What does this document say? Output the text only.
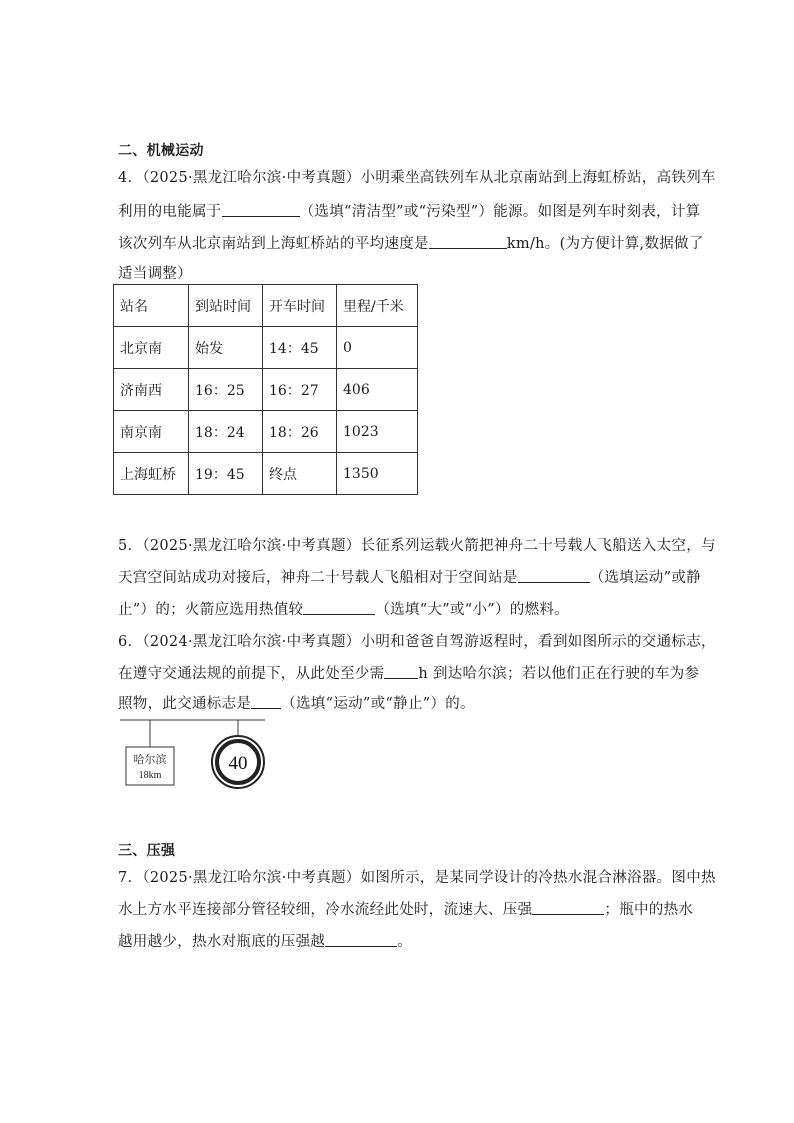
二、机械运动
4．（2025·黑龙江哈尔滨·中考真题）小明乘坐高铁列车从北京南站到上海虹桥站，高铁列车
利用的电能属于	（选填“清洁型”或“污染型”）能源。如图是列车时刻表，计算
该次列车从北京南站到上海虹桥站的平均速度是	km/h。(为方便计算,数据做了
适当调整）
站名	到站时间	开车时间	里程/千米
北京南	始发	14：45	0
济南西	16：25	16：27	406
南京南	18：24	18：26	1023
上海虹桥	19：45	终点	1350
5．（2025·黑龙江哈尔滨·中考真题）长征系列运载火箭把神舟二十号载人飞船送入太空，与
天宫空间站成功对接后，神舟二十号载人飞船相对于空间站是	（选填运动”或静
止”）的；火箭应选用热值较	（选填“大”或“小”）的燃料。
6．（2024·黑龙江哈尔滨·中考真题）小明和爸爸自驾游返程时，看到如图所示的交通标志，
在遵守交通法规的前提下，从此处至少需 h 到达哈尔滨；若以他们正在行驶的车为参
照物，此交通标志是 （选填“运动”或“静止”）的。
哈尔滨
18km
40
三、压强
7．（2025·黑龙江哈尔滨·中考真题）如图所示，是某同学设计的冷热水混合淋浴器。图中热
水上方水平连接部分管径较细，冷水流经此处时，流速大、压强	；瓶中的热水
越用越少，热水对瓶底的压强越	。
